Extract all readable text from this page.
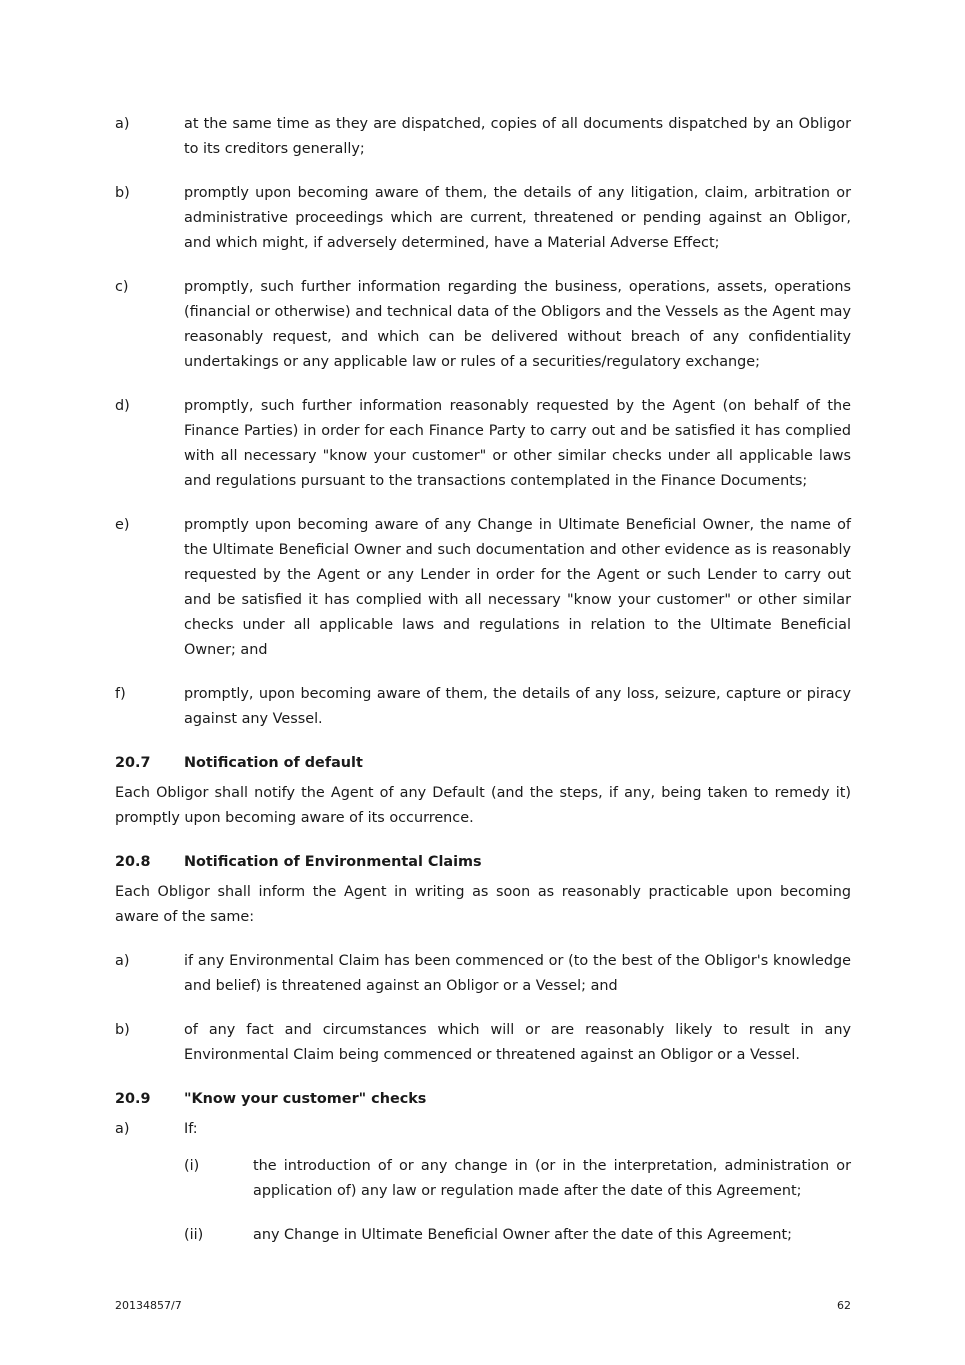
a)	at the same time as they are dispatched, copies of all documents dispatched by an Obligor to its creditors generally;
b)	promptly upon becoming aware of them, the details of any litigation, claim, arbitration or administrative proceedings which are current, threatened or pending against an Obligor, and which might, if adversely determined, have a Material Adverse Effect;
c)	promptly, such further information regarding the business, operations, assets, operations (financial or otherwise) and technical data of the Obligors and the Vessels as the Agent may reasonably request, and which can be delivered without breach of any confidentiality undertakings or any applicable law or rules of a securities/regulatory exchange;
d)	promptly, such further information reasonably requested by the Agent (on behalf of the Finance Parties) in order for each Finance Party to carry out and be satisfied it has complied with all necessary "know your customer" or other similar checks under all applicable laws and regulations pursuant to the transactions contemplated in the Finance Documents;
e)	promptly upon becoming aware of any Change in Ultimate Beneficial Owner, the name of the Ultimate Beneficial Owner and such documentation and other evidence as is reasonably requested by the Agent or any Lender in order for the Agent or such Lender to carry out and be satisfied it has complied with all necessary "know your customer" or other similar checks under all applicable laws and regulations in relation to the Ultimate Beneficial Owner; and
f)	promptly, upon becoming aware of them, the details of any loss, seizure, capture or piracy against any Vessel.
20.7	Notification of default
Each Obligor shall notify the Agent of any Default (and the steps, if any, being taken to remedy it) promptly upon becoming aware of its occurrence.
20.8	Notification of Environmental Claims
Each Obligor shall inform the Agent in writing as soon as reasonably practicable upon becoming aware of the same:
a)	if any Environmental Claim has been commenced or (to the best of the Obligor's knowledge and belief) is threatened against an Obligor or a Vessel; and
b)	of any fact and circumstances which will or are reasonably likely to result in any Environmental Claim being commenced or threatened against an Obligor or a Vessel.
20.9	"Know your customer" checks
a)	If:
(i)	the introduction of or any change in (or in the interpretation, administration or application of) any law or regulation made after the date of this Agreement;
(ii)	any Change in Ultimate Beneficial Owner after the date of this Agreement;
20134857/7	62
